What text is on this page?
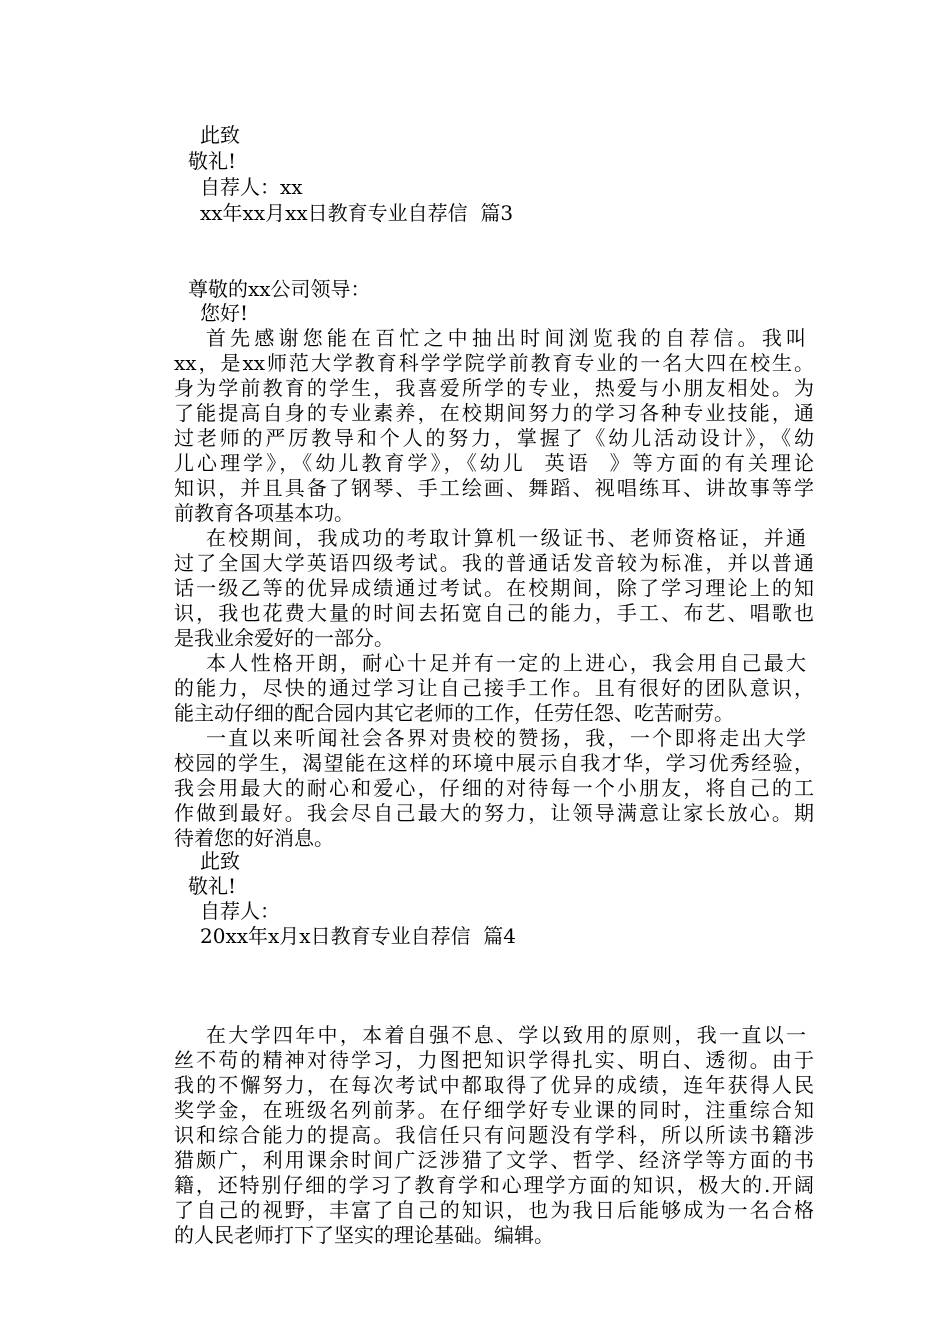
此致
敬礼!
自荐人：xx
xx年xx月xx日教育专业自荐信  篇3
尊敬的xx公司领导：
您好!
首先感谢您能在百忙之中抽出时间浏览我的自荐信。我叫
xx，是xx师范大学教育科学学院学前教育专业的一名大四在校生。
身为学前教育的学生，我喜爱所学的专业，热爱与小朋友相处。为
了能提高自身的专业素养，在校期间努力的学习各种专业技能，通
过老师的严厉教导和个人的努力，掌握了《幼儿活动设计》，《幼
儿心理学》，《幼儿教育学》，《幼儿  英语  》等方面的有关理论
知识，并且具备了钢琴、手工绘画、舞蹈、视唱练耳、讲故事等学
前教育各项基本功。
在校期间，我成功的考取计算机一级证书、老师资格证，并通
过了全国大学英语四级考试。我的普通话发音较为标准，并以普通
话一级乙等的优异成绩通过考试。在校期间，除了学习理论上的知
识，我也花费大量的时间去拓宽自己的能力，手工、布艺、唱歌也
是我业余爱好的一部分。
本人性格开朗，耐心十足并有一定的上进心，我会用自己最大
的能力，尽快的通过学习让自己接手工作。且有很好的团队意识，
能主动仔细的配合园内其它老师的工作，任劳任怨、吃苦耐劳。
一直以来听闻社会各界对贵校的赞扬，我，一个即将走出大学
校园的学生，渴望能在这样的环境中展示自我才华，学习优秀经验，
我会用最大的耐心和爱心，仔细的对待每一个小朋友，将自己的工
作做到最好。我会尽自己最大的努力，让领导满意让家长放心。期
待着您的好消息。
此致
敬礼!
自荐人：
20xx年x月x日教育专业自荐信  篇4
在大学四年中，本着自强不息、学以致用的原则，我一直以一
丝不苟的精神对待学习，力图把知识学得扎实、明白、透彻。由于
我的不懈努力，在每次考试中都取得了优异的成绩，连年获得人民
奖学金，在班级名列前茅。在仔细学好专业课的同时，注重综合知
识和综合能力的提高。我信任只有问题没有学科，所以所读书籍涉
猎颇广，利用课余时间广泛涉猎了文学、哲学、经济学等方面的书
籍，还特别仔细的学习了教育学和心理学方面的知识，极大的.开阔
了自己的视野，丰富了自己的知识，也为我日后能够成为一名合格
的人民老师打下了坚实的理论基础。编辑。
